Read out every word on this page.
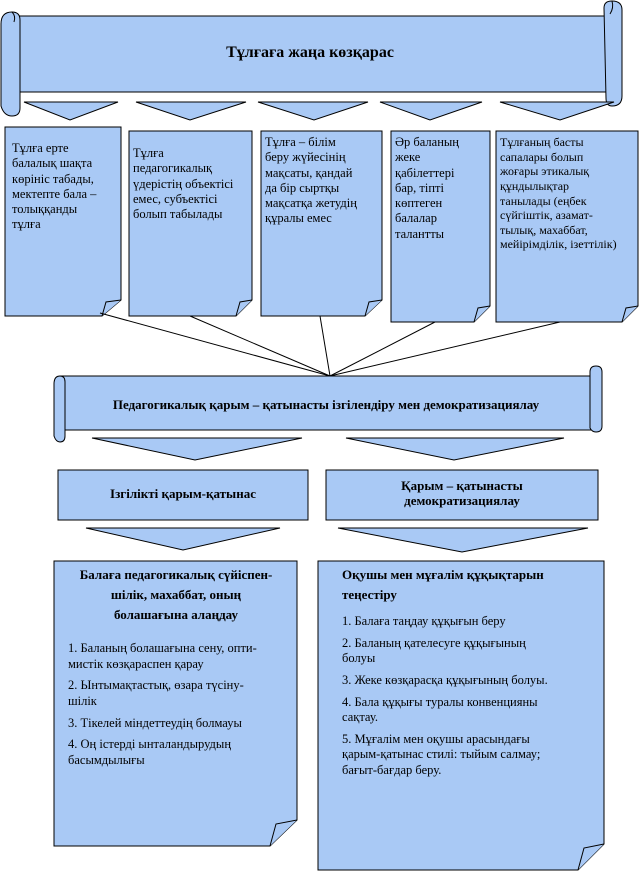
Тұлғаға жаңа көзқарас
Тұлға ерте
балалық шақта
көрініс табады,
мектепте бала –
толыққанды
тұлға
Тұлға
педагогикалық
үдерістің объектісі
емес, субъектісі
болып табылады
Тұлға – білім
беру жүйесінің
мақсаты, қандай
да бір сыртқы
мақсатқа жетудің
құралы емес
Әр баланың
жеке
қабілеттері
бар, тіпті
көптеген
балалар
талантты
Тұлғаның басты
сапалары болып
жоғары этикалық
құндылықтар
танылады (еңбек
сүйгіштік, азамат-
тылық, махаббат,
мейірімділік, ізеттілік)
Педагогикалық қарым – қатынасты ізгілендіру мен демократизациялау
Ізгілікті қарым-қатынас
Қарым – қатынасты
демократизациялау
Балаға педагогикалық сүйіспен-
шілік, махаббат, оның
болашағына алаңдау
1. Баланың болашағына сену, опти-
мистік көзқараспен қарау
2. Ынтымақтастық, өзара түсіну-
шілік
3. Тікелей міндеттеудің болмауы
4. Оң істерді ынталандырудың
басымдылығы
Оқушы мен мұғалім құқықтарын
теңестіру
1. Балаға таңдау құқығын беру
2. Баланың қателесуге құқығының
болуы
3. Жеке көзқарасқа құқығының болуы.
4. Бала құқығы туралы конвенцияны
сақтау.
5. Мұғалім мен оқушы арасындағы
қарым-қатынас стилі: тыйым салмау;
бағыт-бағдар беру.
